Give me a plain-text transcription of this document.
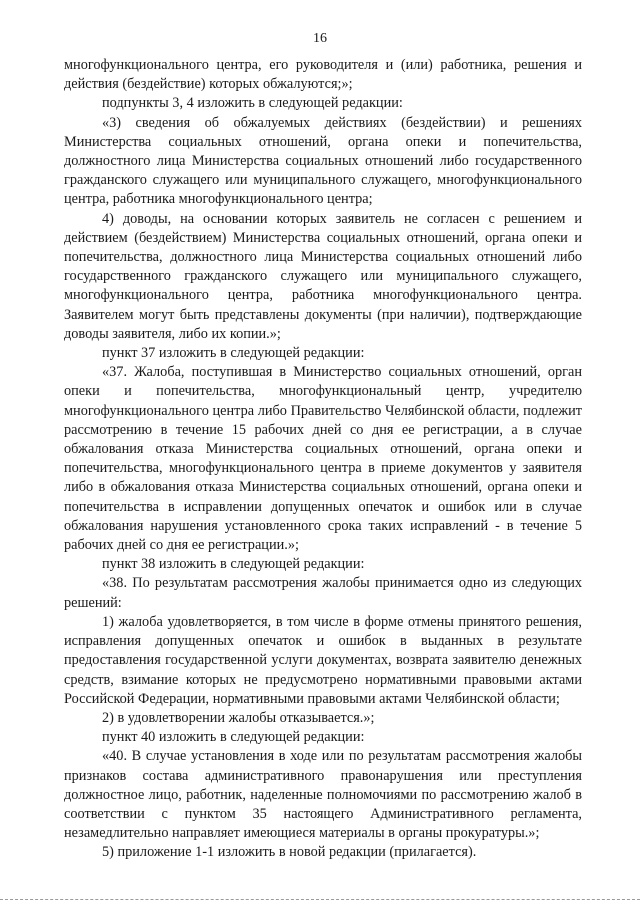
16

многофункционального центра, его руководителя и (или) работника, решения и действия (бездействие) которых обжалуются;»;

подпункты 3, 4 изложить в следующей редакции:

«3) сведения об обжалуемых действиях (бездействии) и решениях Министерства социальных отношений, органа опеки и попечительства, должностного лица Министерства социальных отношений либо государственного гражданского служащего или муниципального служащего, многофункционального центра, работника многофункционального центра;

4) доводы, на основании которых заявитель не согласен с решением и действием (бездействием) Министерства социальных отношений, органа опеки и попечительства, должностного лица Министерства социальных отношений либо государственного гражданского служащего или муниципального служащего, многофункционального центра, работника многофункционального центра. Заявителем могут быть представлены документы (при наличии), подтверждающие доводы заявителя, либо их копии.»;

пункт 37 изложить в следующей редакции:

«37. Жалоба, поступившая в Министерство социальных отношений, орган опеки и попечительства, многофункциональный центр, учредителю многофункционального центра либо Правительство Челябинской области, подлежит рассмотрению в течение 15 рабочих дней со дня ее регистрации, а в случае обжалования отказа Министерства социальных отношений, органа опеки и попечительства, многофункционального центра в приеме документов у заявителя либо в обжалования отказа Министерства социальных отношений, органа опеки и попечительства в исправлении допущенных опечаток и ошибок или в случае обжалования нарушения установленного срока таких исправлений - в течение 5 рабочих дней со дня ее регистрации.»;

пункт 38 изложить в следующей редакции:

«38. По результатам рассмотрения жалобы принимается одно из следующих решений:

1) жалоба удовлетворяется, в том числе в форме отмены принятого решения, исправления допущенных опечаток и ошибок в выданных в результате предоставления государственной услуги документах, возврата заявителю денежных средств, взимание которых не предусмотрено нормативными правовыми актами Российской Федерации, нормативными правовыми актами Челябинской области;

2) в удовлетворении жалобы отказывается.»;

пункт 40 изложить в следующей редакции:

«40. В случае установления в ходе или по результатам рассмотрения жалобы признаков состава административного правонарушения или преступления должностное лицо, работник, наделенные полномочиями по рассмотрению жалоб в соответствии с пунктом 35 настоящего Административного регламента, незамедлительно направляет имеющиеся материалы в органы прокуратуры.»;

5) приложение 1-1 изложить в новой редакции (прилагается).
